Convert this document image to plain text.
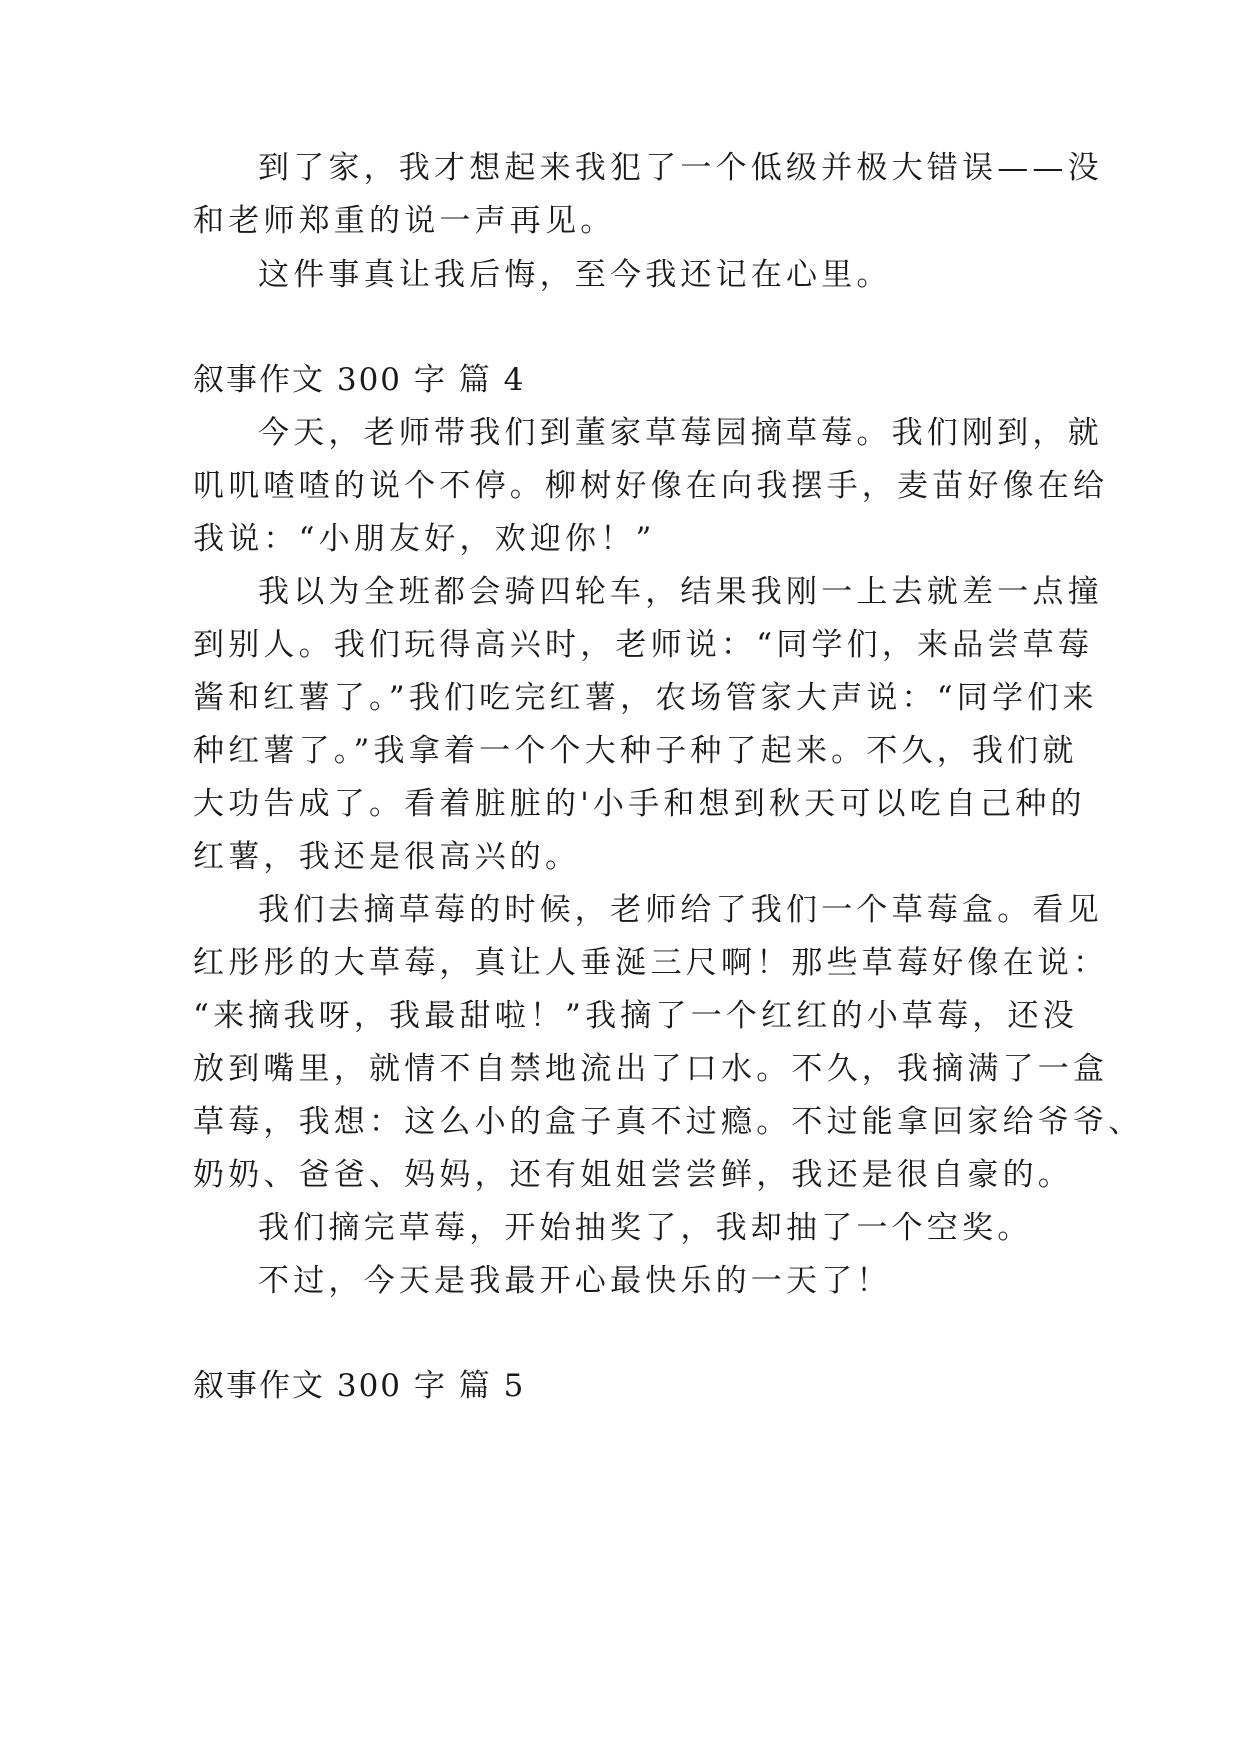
到了家，我才想起来我犯了一个低级并极大错误——没
和老师郑重的说一声再见。
这件事真让我后悔，至今我还记在心里。
叙事作文 300 字 篇 4
今天，老师带我们到董家草莓园摘草莓。我们刚到，就
叽叽喳喳的说个不停。柳树好像在向我摆手，麦苗好像在给
我说：“小朋友好，欢迎你！”
我以为全班都会骑四轮车，结果我刚一上去就差一点撞
到别人。我们玩得高兴时，老师说：“同学们，来品尝草莓
酱和红薯了。”我们吃完红薯，农场管家大声说：“同学们来
种红薯了。”我拿着一个个大种子种了起来。不久，我们就
大功告成了。看着脏脏的'小手和想到秋天可以吃自己种的
红薯，我还是很高兴的。
我们去摘草莓的时候，老师给了我们一个草莓盒。看见
红彤彤的大草莓，真让人垂涎三尺啊！那些草莓好像在说：
“来摘我呀，我最甜啦！”我摘了一个红红的小草莓，还没
放到嘴里，就情不自禁地流出了口水。不久，我摘满了一盒
草莓，我想：这么小的盒子真不过瘾。不过能拿回家给爷爷、
奶奶、爸爸、妈妈，还有姐姐尝尝鲜，我还是很自豪的。
我们摘完草莓，开始抽奖了，我却抽了一个空奖。
不过，今天是我最开心最快乐的一天了！
叙事作文 300 字 篇 5
